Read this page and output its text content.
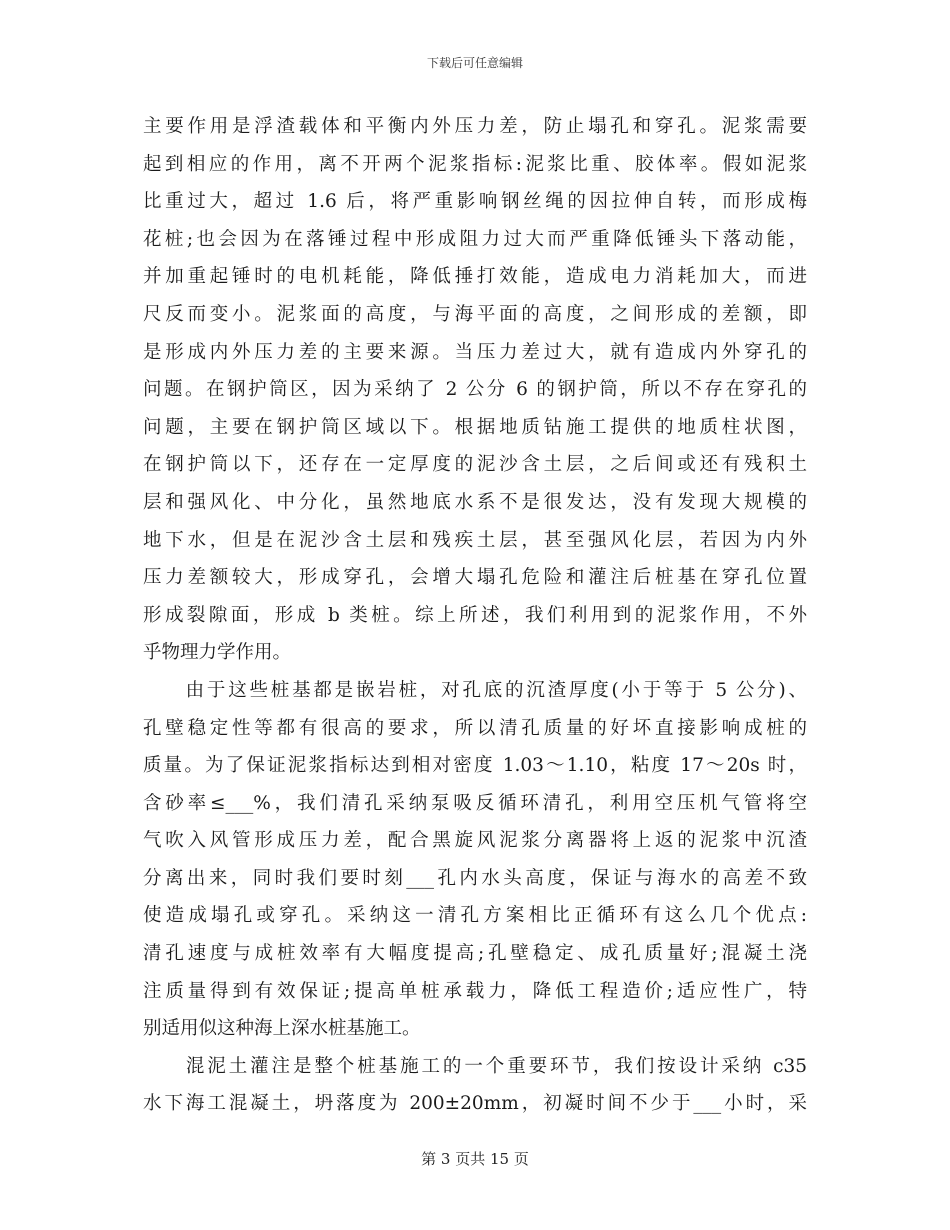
下载后可任意编辑
主要作用是浮渣载体和平衡内外压力差，防止塌孔和穿孔。泥浆需要
起到相应的作用，离不开两个泥浆指标:泥浆比重、胶体率。假如泥浆
比重过大，超过 1.6 后，将严重影响钢丝绳的因拉伸自转，而形成梅
花桩;也会因为在落锤过程中形成阻力过大而严重降低锤头下落动能，
并加重起锤时的电机耗能，降低捶打效能，造成电力消耗加大，而进
尺反而变小。泥浆面的高度，与海平面的高度，之间形成的差额，即
是形成内外压力差的主要来源。当压力差过大，就有造成内外穿孔的
问题。在钢护筒区，因为采纳了 2 公分 6 的钢护筒，所以不存在穿孔的
问题，主要在钢护筒区域以下。根据地质钻施工提供的地质柱状图，
在钢护筒以下，还存在一定厚度的泥沙含土层，之后间或还有残积土
层和强风化、中分化，虽然地底水系不是很发达，没有发现大规模的
地下水，但是在泥沙含土层和残疾土层，甚至强风化层，若因为内外
压力差额较大，形成穿孔，会增大塌孔危险和灌注后桩基在穿孔位置
形成裂隙面，形成 b 类桩。综上所述，我们利用到的泥浆作用，不外
乎物理力学作用。
　　由于这些桩基都是嵌岩桩，对孔底的沉渣厚度(小于等于 5 公分)、
孔壁稳定性等都有很高的要求，所以清孔质量的好坏直接影响成桩的
质量。为了保证泥浆指标达到相对密度 1.03～1.10，粘度 17～20s 时，
含砂率≤___%，我们清孔采纳泵吸反循环清孔，利用空压机气管将空
气吹入风管形成压力差，配合黑旋风泥浆分离器将上返的泥浆中沉渣
分离出来，同时我们要时刻___孔内水头高度，保证与海水的高差不致
使造成塌孔或穿孔。采纳这一清孔方案相比正循环有这么几个优点:
清孔速度与成桩效率有大幅度提高;孔壁稳定、成孔质量好;混凝土浇
注质量得到有效保证;提高单桩承载力，降低工程造价;适应性广，特
别适用似这种海上深水桩基施工。
　　混泥土灌注是整个桩基施工的一个重要环节，我们按设计采纳 c35
水下海工混凝土，坍落度为 200±20mm，初凝时间不少于___小时，采
第 3 页共 15 页
